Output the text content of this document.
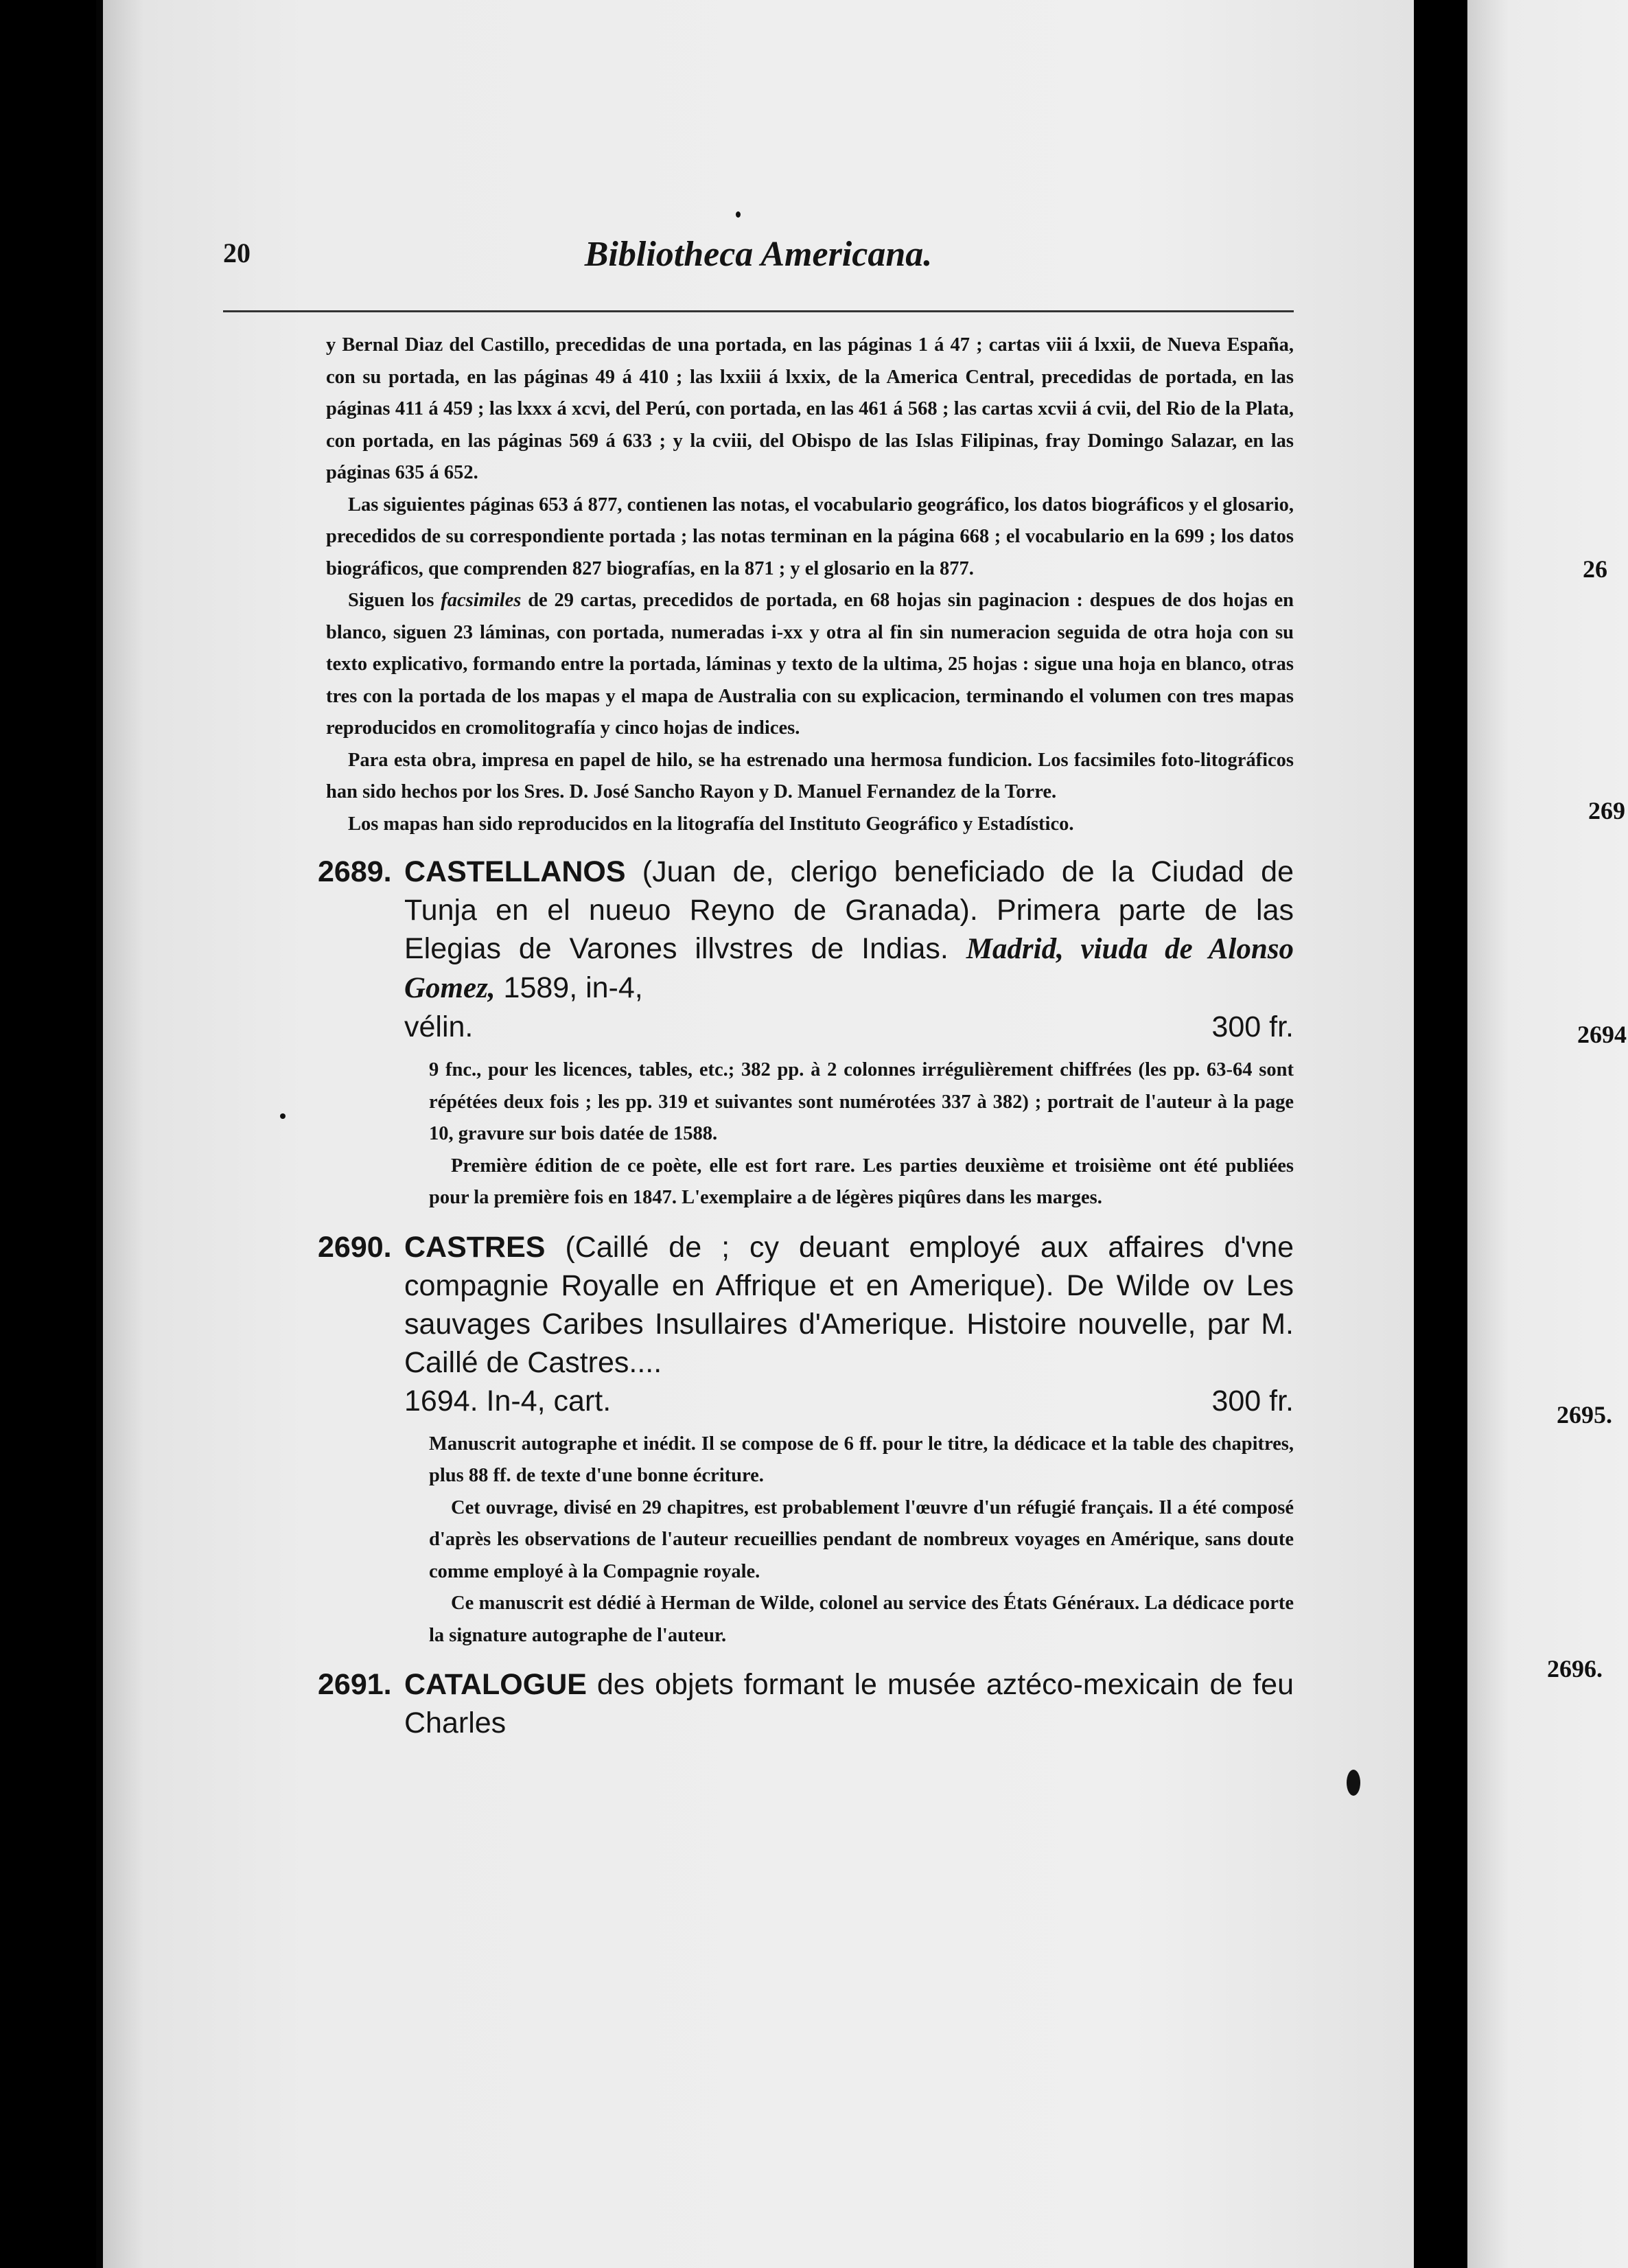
20	Bibliotheca Americana.

y Bernal Diaz del Castillo, precedidas de una portada, en las páginas 1 á 47 ; cartas viii á lxxii, de Nueva España, con su portada, en las páginas 49 á 410 ; las lxxiii á lxxix, de la America Central, precedidas de portada, en las páginas 411 á 459 ; las lxxx á xcvi, del Perú, con portada, en las 461 á 568 ; las cartas xcvii á cvii, del Rio de la Plata, con portada, en las páginas 569 á 633 ; y la cviii, del Obispo de las Islas Filipinas, fray Domingo Salazar, en las páginas 635 á 652.

Las siguientes páginas 653 á 877, contienen las notas, el vocabulario geográfico, los datos biográficos y el glosario, precedidos de su correspondiente portada ; las notas terminan en la página 668 ; el vocabulario en la 699 ; los datos biográficos, que comprenden 827 biografías, en la 871 ; y el glosario en la 877.

Siguen los facsimiles de 29 cartas, precedidos de portada, en 68 hojas sin paginacion : despues de dos hojas en blanco, siguen 23 láminas, con portada, numeradas i-xx y otra al fin sin numeracion seguida de otra hoja con su texto explicativo, formando entre la portada, láminas y texto de la ultima, 25 hojas : sigue una hoja en blanco, otras tres con la portada de los mapas y el mapa de Australia con su explicacion, terminando el volumen con tres mapas reproducidos en cromolitografía y cinco hojas de indices.

Para esta obra, impresa en papel de hilo, se ha estrenado una hermosa fundicion. Los facsimiles foto-litográficos han sido hechos por los Sres. D. José Sancho Rayon y D. Manuel Fernandez de la Torre.

Los mapas han sido reproducidos en la litografía del Instituto Geográfico y Estadístico.

2689. CASTELLANOS (Juan de, clerigo beneficiado de la Ciudad de Tunja en el nueuo Reyno de Granada). Primera parte de las Elegias de Varones illvstres de Indias. Madrid, viuda de Alonso Gomez, 1589, in-4,
vélin.	300 fr.

9 fnc., pour les licences, tables, etc.; 382 pp. à 2 colonnes irrégulièrement chiffrées (les pp. 63-64 sont répétées deux fois ; les pp. 319 et suivantes sont numérotées 337 à 382) ; portrait de l'auteur à la page 10, gravure sur bois datée de 1588.

Première édition de ce poète, elle est fort rare. Les parties deuxième et troisième ont été publiées pour la première fois en 1847. L'exemplaire a de légères piqûres dans les marges.

2690. CASTRES (Caillé de ; cy deuant employé aux affaires d'vne compagnie Royalle en Affrique et en Amerique). De Wilde ov Les sauvages Caribes Insullaires d'Amerique. Histoire nouvelle, par M. Caillé de Castres....
1694. In-4, cart.	300 fr.

Manuscrit autographe et inédit. Il se compose de 6 ff. pour le titre, la dédicace et la table des chapitres, plus 88 ff. de texte d'une bonne écriture.

Cet ouvrage, divisé en 29 chapitres, est probablement l'œuvre d'un réfugié français. Il a été composé d'après les observations de l'auteur recueillies pendant de nombreux voyages en Amérique, sans doute comme employé à la Compagnie royale.

Ce manuscrit est dédié à Herman de Wilde, colonel au service des États Généraux. La dédicace porte la signature autographe de l'auteur.

2691. CATALOGUE des objets formant le musée aztéco-mexicain de feu Charles
26
269
2694
2695.
2696.
